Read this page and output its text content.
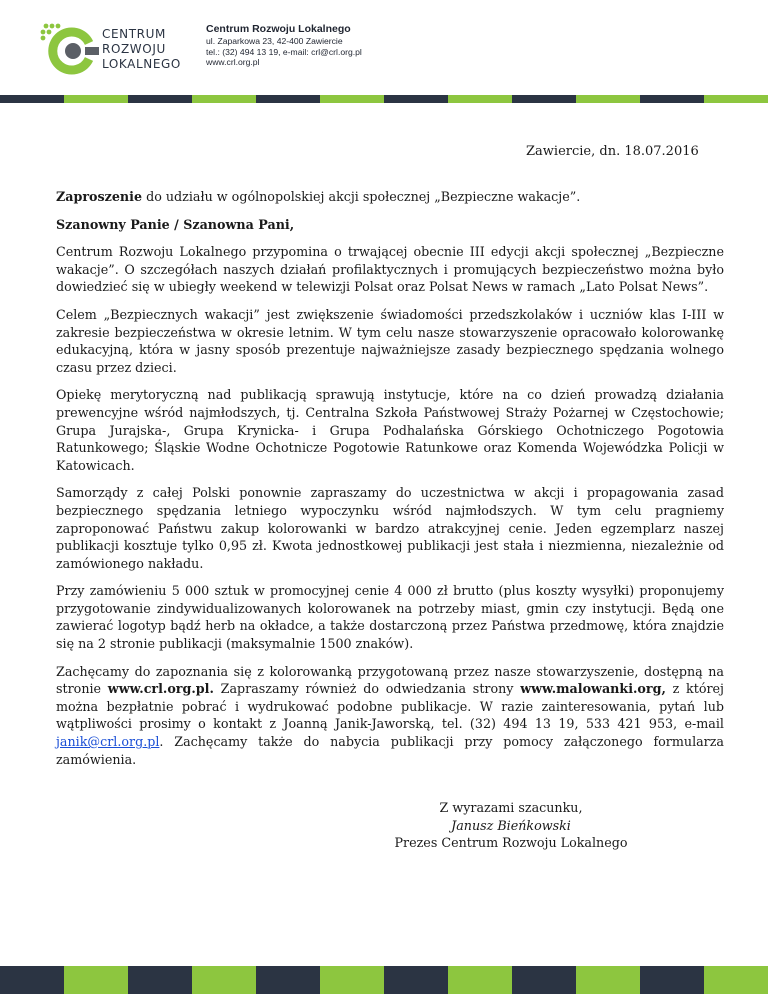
CENTRUM
ROZWOJU
LOKALNEGO
Centrum Rozwoju Lokalnego
ul. Zaparkowa 23, 42-400 Zawiercie
tel.: (32) 494 13 19, e-mail: crl@crl.org.pl
www.crl.org.pl
Zawiercie, dn. 18.07.2016

Zaproszenie do udziału w ogólnopolskiej akcji społecznej „Bezpieczne wakacje”.

Szanowny Panie / Szanowna Pani,

Centrum Rozwoju Lokalnego przypomina o trwającej obecnie III edycji akcji społecznej „Bezpieczne wakacje”. O szczegółach naszych działań profilaktycznych i promujących bezpieczeństwo można było dowiedzieć się w ubiegły weekend w telewizji Polsat oraz Polsat News w ramach „Lato Polsat News”.

Celem „Bezpiecznych wakacji” jest zwiększenie świadomości przedszkolaków i uczniów klas I-III w zakresie bezpieczeństwa w okresie letnim. W tym celu nasze stowarzyszenie opracowało kolorowankę edukacyjną, która w jasny sposób prezentuje najważniejsze zasady bezpiecznego spędzania wolnego czasu przez dzieci.

Opiekę merytoryczną nad publikacją sprawują instytucje, które na co dzień prowadzą działania prewencyjne wśród najmłodszych, tj. Centralna Szkoła Państwowej Straży Pożarnej w Częstochowie; Grupa Jurajska-, Grupa Krynicka- i Grupa Podhalańska Górskiego Ochotniczego Pogotowia Ratunkowego; Śląskie Wodne Ochotnicze Pogotowie Ratunkowe oraz Komenda Wojewódzka Policji w Katowicach.

Samorządy z całej Polski ponownie zapraszamy do uczestnictwa w akcji i propagowania zasad bezpiecznego spędzania letniego wypoczynku wśród najmłodszych. W tym celu pragniemy zaproponować Państwu zakup kolorowanki w bardzo atrakcyjnej cenie. Jeden egzemplarz naszej publikacji kosztuje tylko 0,95 zł. Kwota jednostkowej publikacji jest stała i niezmienna, niezależnie od zamówionego nakładu.

Przy zamówieniu 5 000 sztuk w promocyjnej cenie 4 000 zł brutto (plus koszty wysyłki) proponujemy przygotowanie zindywidualizowanych kolorowanek na potrzeby miast, gmin czy instytucji. Będą one zawierać logotyp bądź herb na okładce, a także dostarczoną przez Państwa przedmowę, która znajdzie się na 2 stronie publikacji (maksymalnie 1500 znaków).

Zachęcamy do zapoznania się z kolorowanką przygotowaną przez nasze stowarzyszenie, dostępną na stronie www.crl.org.pl. Zapraszamy również do odwiedzania strony www.malowanki.org, z której można bezpłatnie pobrać i wydrukować podobne publikacje. W razie zainteresowania, pytań lub wątpliwości prosimy o kontakt z Joanną Janik-Jaworską, tel. (32) 494 13 19, 533 421 953, e-mail janik@crl.org.pl. Zachęcamy także do nabycia publikacji przy pomocy załączonego formularza zamówienia.

Z wyrazami szacunku,
Janusz Bieńkowski
Prezes Centrum Rozwoju Lokalnego
